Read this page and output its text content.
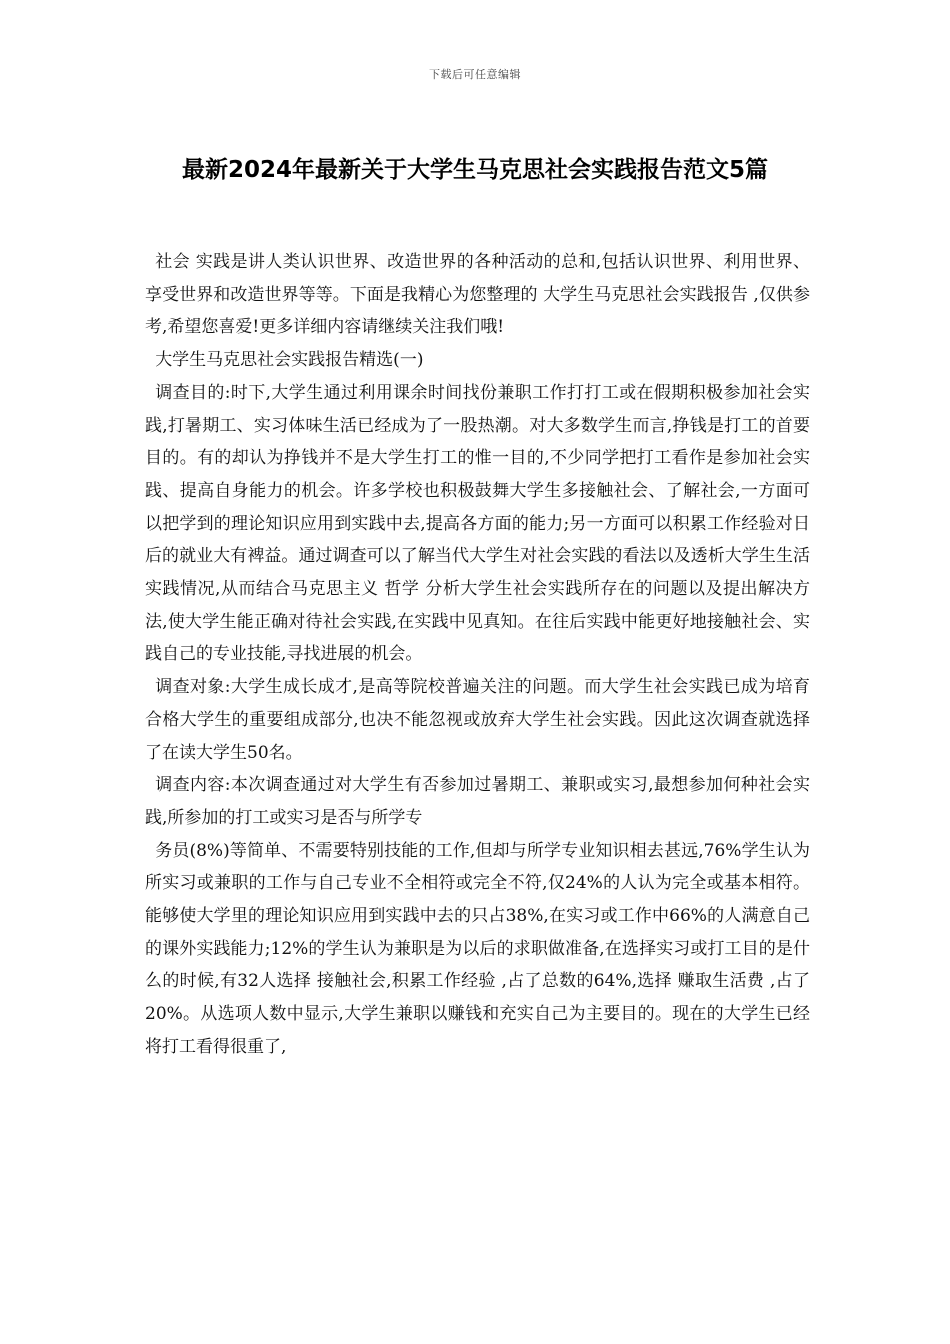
下载后可任意编辑
最新2024年最新关于大学生马克思社会实践报告范文5篇

社会 实践是讲人类认识世界、改造世界的各种活动的总和,包括认识世界、利用世界、享受世界和改造世界等等。下面是我精心为您整理的 大学生马克思社会实践报告 ,仅供参考,希望您喜爱!更多详细内容请继续关注我们哦!

大学生马克思社会实践报告精选(一)

调查目的:时下,大学生通过利用课余时间找份兼职工作打打工或在假期积极参加社会实践,打暑期工、实习体味生活已经成为了一股热潮。对大多数学生而言,挣钱是打工的首要目的。有的却认为挣钱并不是大学生打工的惟一目的,不少同学把打工看作是参加社会实践、提高自身能力的机会。许多学校也积极鼓舞大学生多接触社会、了解社会,一方面可以把学到的理论知识应用到实践中去,提高各方面的能力;另一方面可以积累工作经验对日后的就业大有裨益。通过调查可以了解当代大学生对社会实践的看法以及透析大学生生活实践情况,从而结合马克思主义 哲学 分析大学生社会实践所存在的问题以及提出解决方法,使大学生能正确对待社会实践,在实践中见真知。在往后实践中能更好地接触社会、实践自己的专业技能,寻找进展的机会。

调查对象:大学生成长成才,是高等院校普遍关注的问题。而大学生社会实践已成为培育合格大学生的重要组成部分,也决不能忽视或放弃大学生社会实践。因此这次调查就选择了在读大学生50名。

调查内容:本次调查通过对大学生有否参加过暑期工、兼职或实习,最想参加何种社会实践,所参加的打工或实习是否与所学专

务员(8%)等简单、不需要特别技能的工作,但却与所学专业知识相去甚远,76%学生认为所实习或兼职的工作与自己专业不全相符或完全不符,仅24%的人认为完全或基本相符。能够使大学里的理论知识应用到实践中去的只占38%,在实习或工作中66%的人满意自己的课外实践能力;12%的学生认为兼职是为以后的求职做准备,在选择实习或打工目的是什么的时候,有32人选择 接触社会,积累工作经验 ,占了总数的64%,选择 赚取生活费 ,占了20%。从选项人数中显示,大学生兼职以赚钱和充实自己为主要目的。现在的大学生已经将打工看得很重了,
